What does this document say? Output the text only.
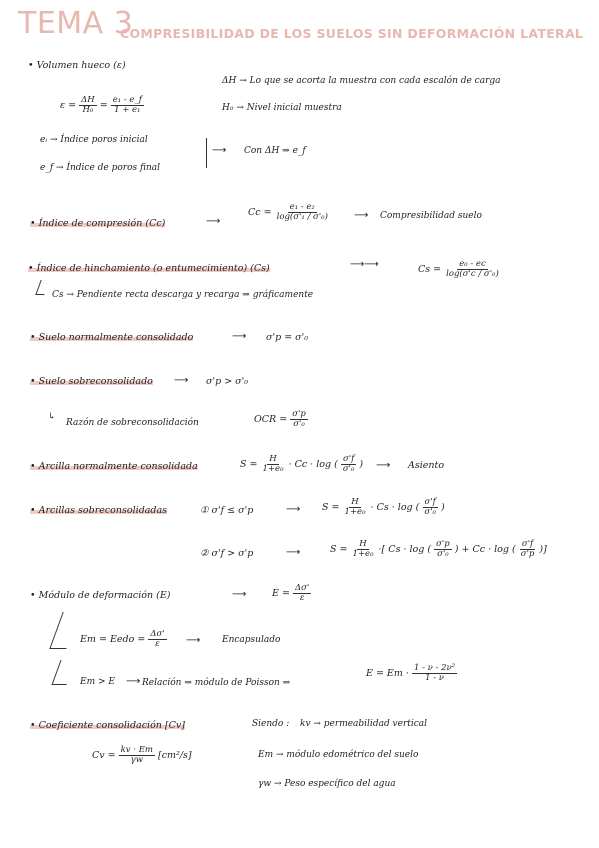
TEMA 3
COMPRESIBILIDAD DE LOS SUELOS SIN DEFORMACIÓN LATERAL
• Volumen hueco (ε)
$\varepsilon = \frac{\Delta H}{\text{H₀}} = \frac{\text{e₁ - e\_f}}{\text{1 + e₁}}$
ΔH → Lo que se acorta la muestra con cada escalón de carga
H₀ → Nivel inicial muestra
eᵢ → Índice poros inicial
e_f → Índice de poros final
⟶ Con ΔH ⇒ e_f
• Índice de compresión (Cc)	⟶
$Cc = \frac{\text{e₁ - e₂}}{\text{log(σ'₁ / σ'₀)}}$ ⟶ Compresibilidad suelo
• Índice de hinchamiento (o entumecimiento) (Cs)	⟶⟶	$Cs = \frac{\text{e₀ - ec}}{\text{log(σ'c / σ'₀)}}$
Cs → Pendiente recta descarga y recarga ⇒ gráficamente
• Suelo normalmente consolidado	⟶ σ'p = σ'₀
• Suelo sobreconsolidado ⟶ σ'p > σ'₀
↳
Razón de sobreconsolidación	OCR = $\frac{\sigma'p}{\text{σ'₀}}$
• Arcilla normalmente consolidada	$S = \frac{H}{\text{1+e₀}} \cdot Cc \cdot \log$ ( $\frac{\sigma'f}{\text{σ'₀}}$ ) ⟶ Asiento
• Arcillas sobreconsolidadas	① σ'f ≤ σ'p	⟶ $S = \frac{H}{\text{1+e₀}} \cdot Cs \cdot \log$ ( $\frac{\sigma'f}{\text{σ'₀}}$ )
② σ'f > σ'p	⟶	$S = \frac{H}{\text{1+e₀}}$ ·[ Cs · log ( $\frac{\sigma'p}{\text{σ'₀}}$ ) + Cc · log ( $\frac{\sigma'f}{\sigma'p}$ )]
• Módulo de deformación (E)	⟶	$E = \frac{\Delta\sigma'}{\varepsilon}$
Em = Eedo = $\frac{\Delta\sigma'}{\varepsilon}$ ⟶ Encapsulado
Em > E ⟶ Relación ⇒ módulo de Poisson ⇒
$E = Em \cdot \frac{\text{1 - ν - 2ν²}}{1 - \nu}$
• Coeficiente consolidación [Cv]	Siendo : kv → permeabilidad vertical
$Cv = \frac{kv \cdot Em}{\gamma w} [cm^2/s]$	Em → módulo edométrico del suelo
γw → Peso específico del agua
